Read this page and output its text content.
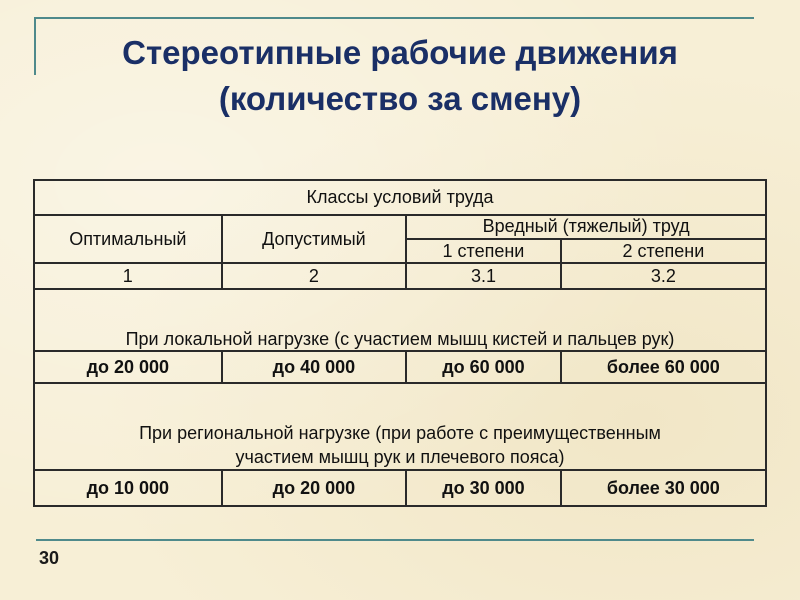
Стереотипные рабочие движения
(количество за смену)
Классы условий труда			
Оптимальный	Допустимый	Вредный (тяжелый) труд	
		1 степени	2 степени
1	2	3.1	3.2
При локальной нагрузке (с участием мышц кистей и пальцев рук)			
до 20 000	до 40 000	до 60 000	более 60 000

При региональной нагрузке (при работе с преимущественным
участием мышц рук и плечевого пояса)			

до 10 000	до 20 000	до 30 000	более 30 000
30
